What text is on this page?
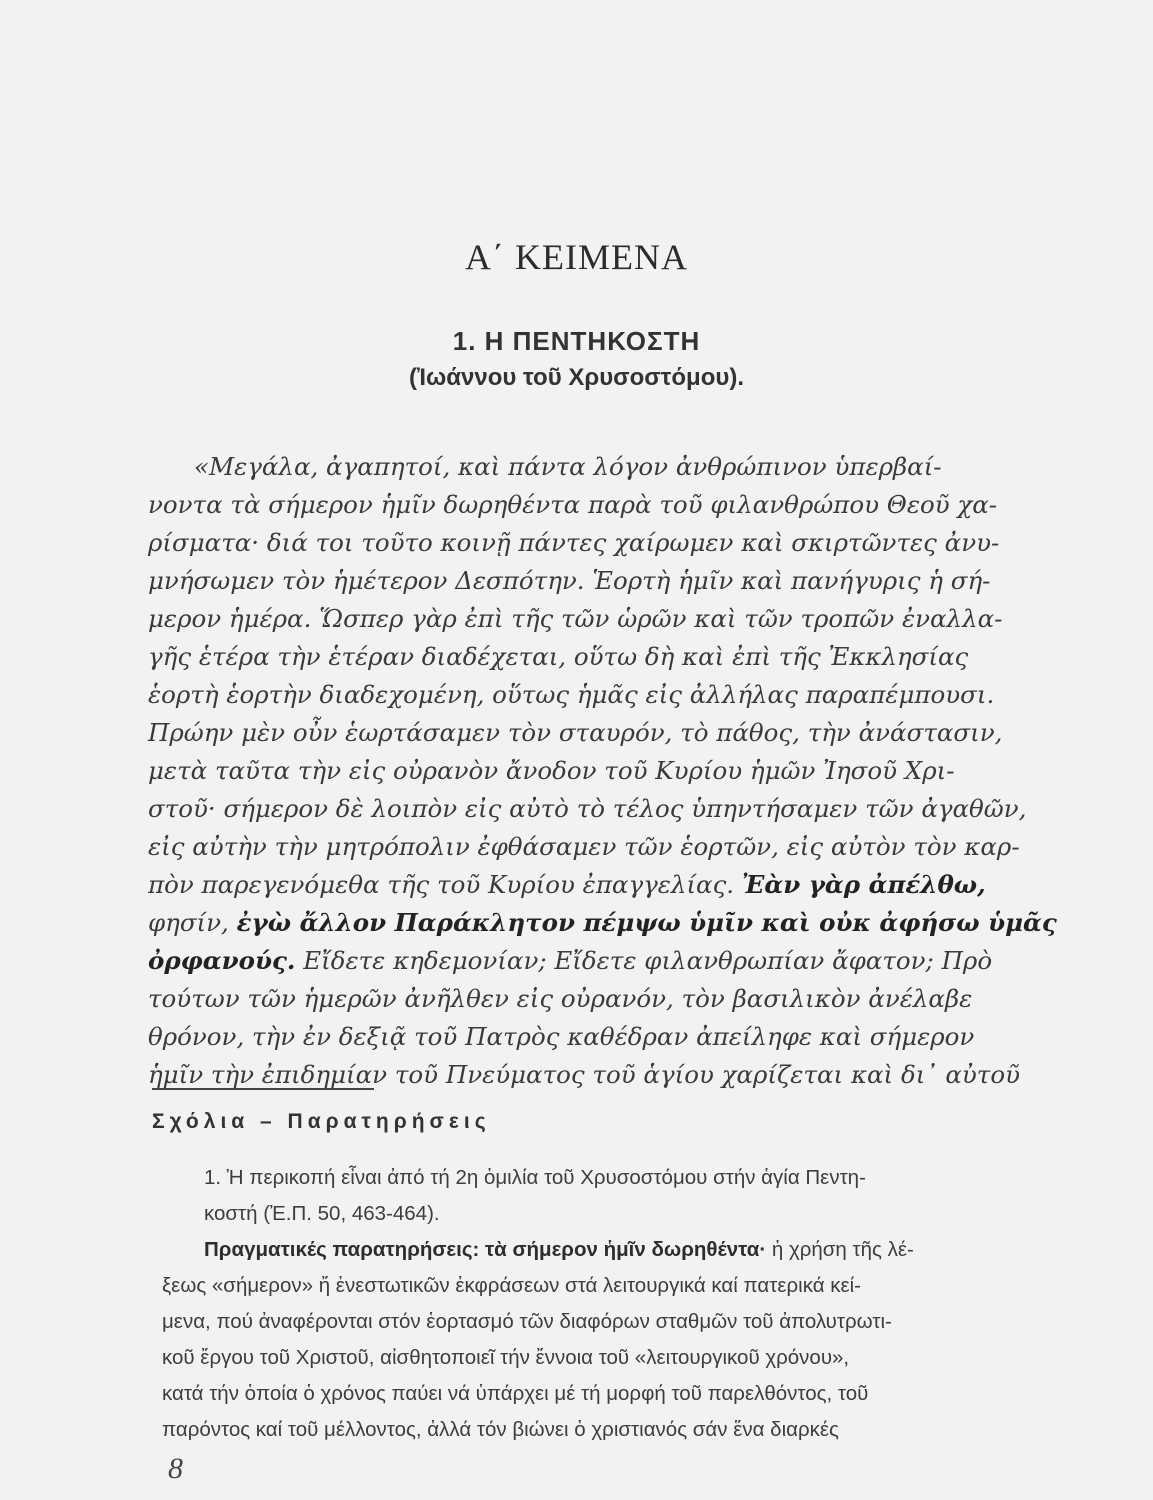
Α΄ ΚΕΙΜΕΝΑ
1. Η ΠΕΝΤΗΚΟΣΤΗ
(Ἰωάννου τοῦ Χρυσοστόμου).
«Μεγάλα, ἀγαπητοί, καὶ πάντα λόγον ἀνθρώπινον ὑπερβαί-
νοντα τὰ σήμερον ἡμῖν δωρηθέντα παρὰ τοῦ φιλανθρώπου Θεοῦ χα-
ρίσματα· διά τοι τοῦτο κοινῇ πάντες χαίρωμεν καὶ σκιρτῶντες ἀνυ-
μνήσωμεν τὸν ἡμέτερον Δεσπότην. Ἑορτὴ ἡμῖν καὶ πανήγυρις ἡ σή-
μερον ἡμέρα. Ὥσπερ γὰρ ἐπὶ τῆς τῶν ὡρῶν καὶ τῶν τροπῶν ἐναλλα-
γῆς ἑτέρα τὴν ἑτέραν διαδέχεται, οὕτω δὴ καὶ ἐπὶ τῆς Ἐκκλησίας
ἑορτὴ ἑορτὴν διαδεχομένη, οὕτως ἡμᾶς εἰς ἀλλήλας παραπέμπουσι.
Πρώην μὲν οὖν ἑωρτάσαμεν τὸν σταυρόν, τὸ πάθος, τὴν ἀνάστασιν,
μετὰ ταῦτα τὴν εἰς οὐρανὸν ἄνοδον τοῦ Κυρίου ἡμῶν Ἰησοῦ Χρι-
στοῦ· σήμερον δὲ λοιπὸν εἰς αὐτὸ τὸ τέλος ὑπηντήσαμεν τῶν ἀγαθῶν,
εἰς αὐτὴν τὴν μητρόπολιν ἐφθάσαμεν τῶν ἑορτῶν, εἰς αὐτὸν τὸν καρ-
πὸν παρεγενόμεθα τῆς τοῦ Κυρίου ἐπαγγελίας. Ἐὰν γὰρ ἀπέλθω,
φησίν, ἐγὼ ἄλλον Παράκλητον πέμψω ὑμῖν καὶ οὐκ ἀφήσω ὑμᾶς
ὀρφανούς. Εἴδετε κηδεμονίαν; Εἴδετε φιλανθρωπίαν ἄφατον; Πρὸ
τούτων τῶν ἡμερῶν ἀνῆλθεν εἰς οὐρανόν, τὸν βασιλικὸν ἀνέλαβε
θρόνον, τὴν ἐν δεξιᾷ τοῦ Πατρὸς καθέδραν ἀπείληφε καὶ σήμερον
ἡμῖν τὴν ἐπιδημίαν τοῦ Πνεύματος τοῦ ἁγίου χαρίζεται καὶ δι᾽ αὐτοῦ
Σχόλια – Παρατηρήσεις
1. Ἡ περικοπή εἶναι ἀπό τή 2η ὁμιλία τοῦ Χρυσοστόμου στήν ἁγία Πεντη-
κοστή (Ἐ.Π. 50, 463-464).
Πραγματικές παρατηρήσεις: τὰ σήμερον ἡμῖν δωρηθέντα· ἡ χρήση τῆς λέ-
ξεως «σήμερον» ἤ ἐνεστωτικῶν ἐκφράσεων στά λειτουργικά καί πατερικά κεί-
μενα, πού ἀναφέρονται στόν ἑορτασμό τῶν διαφόρων σταθμῶν τοῦ ἀπολυτρωτι-
κοῦ ἔργου τοῦ Χριστοῦ, αἰσθητοποιεῖ τήν ἔννοια τοῦ «λειτουργικοῦ χρόνου»,
κατά τήν ὁποία ὁ χρόνος παύει νά ὑπάρχει μέ τή μορφή τοῦ παρελθόντος, τοῦ
παρόντος καί τοῦ μέλλοντος, ἀλλά τόν βιώνει ὁ χριστιανός σάν ἕνα διαρκές
8
